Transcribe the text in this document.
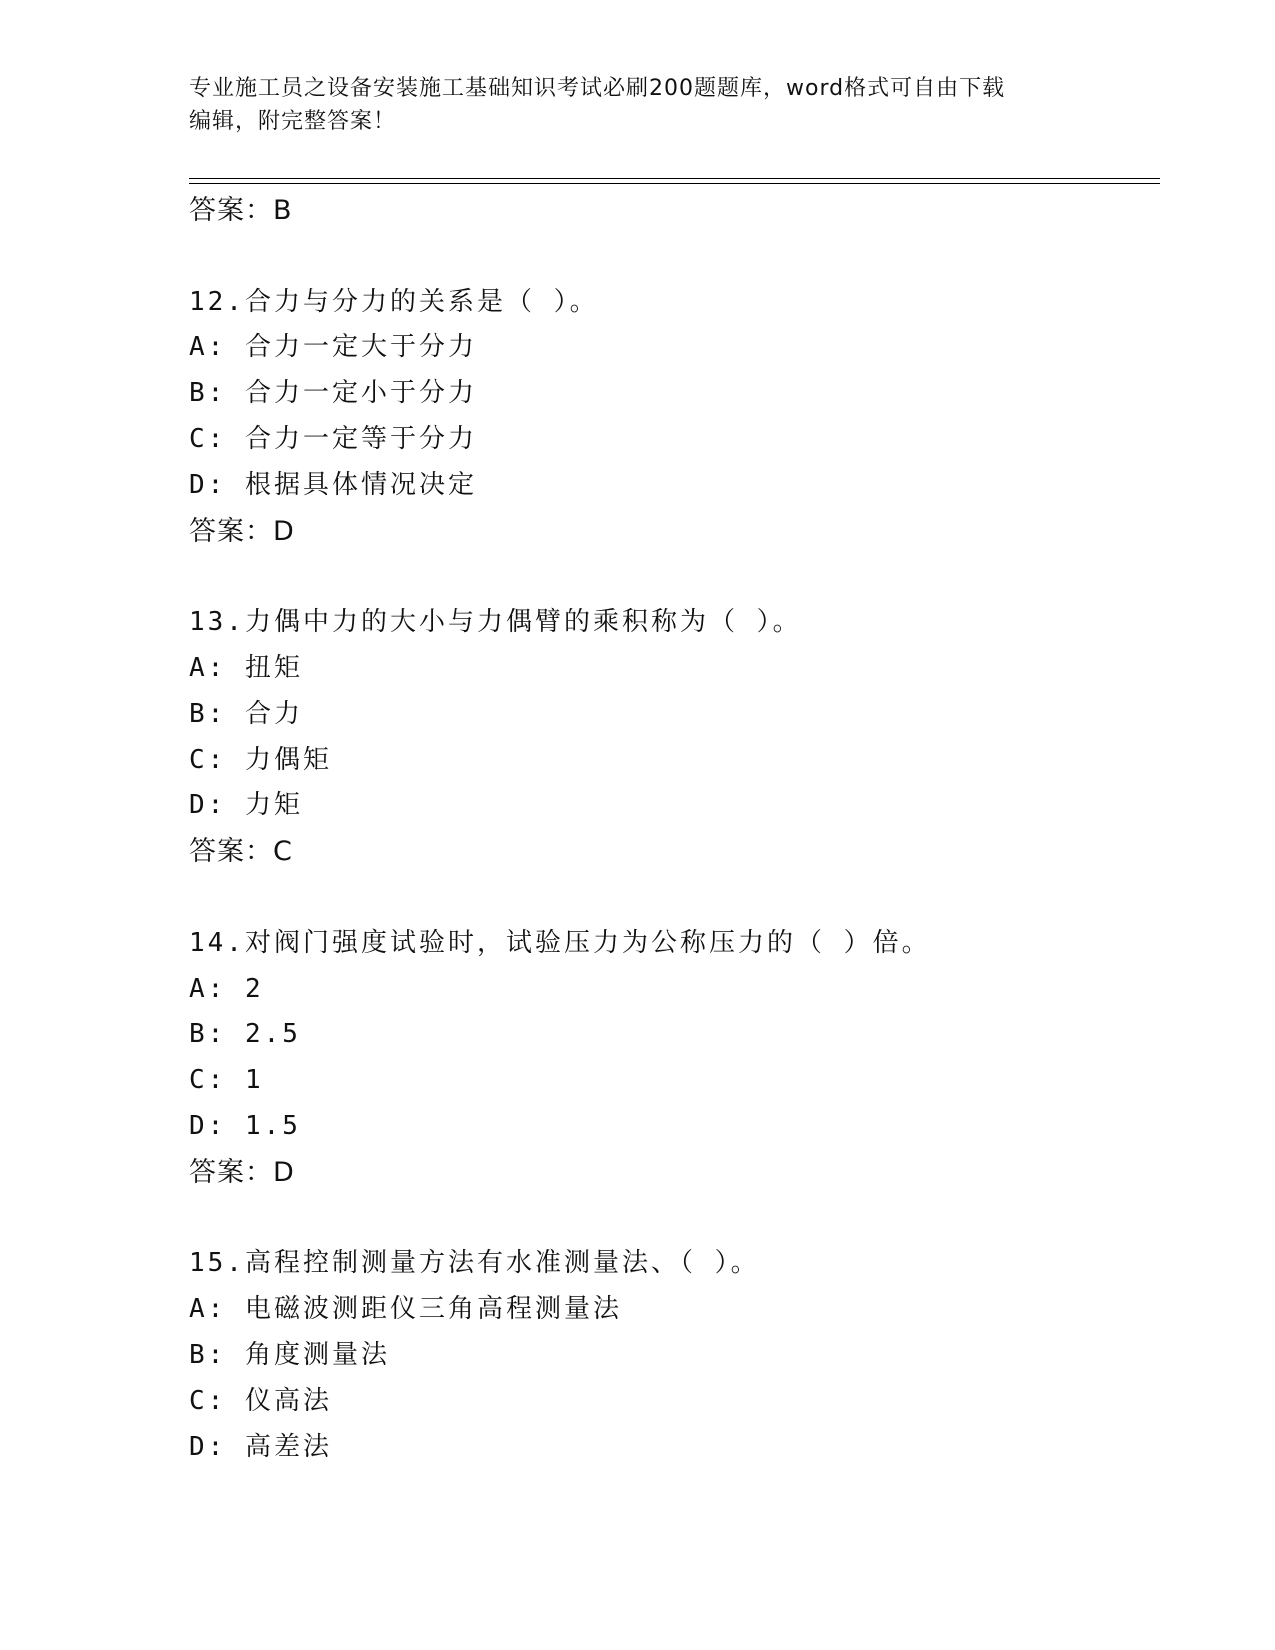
专业施工员之设备安装施工基础知识考试必刷200题题库，word格式可自由下载
编辑，附完整答案！
答案：B
12.合力与分力的关系是（ ）。
A: 合力一定大于分力
B: 合力一定小于分力
C: 合力一定等于分力
D: 根据具体情况决定
答案：D
13.力偶中力的大小与力偶臂的乘积称为（ ）。
A: 扭矩
B: 合力
C: 力偶矩
D: 力矩
答案：C
14.对阀门强度试验时，试验压力为公称压力的（ ）倍。
A: 2
B: 2.5
C: 1
D: 1.5
答案：D
15.高程控制测量方法有水准测量法、（ ）。
A: 电磁波测距仪三角高程测量法
B: 角度测量法
C: 仪高法
D: 高差法
